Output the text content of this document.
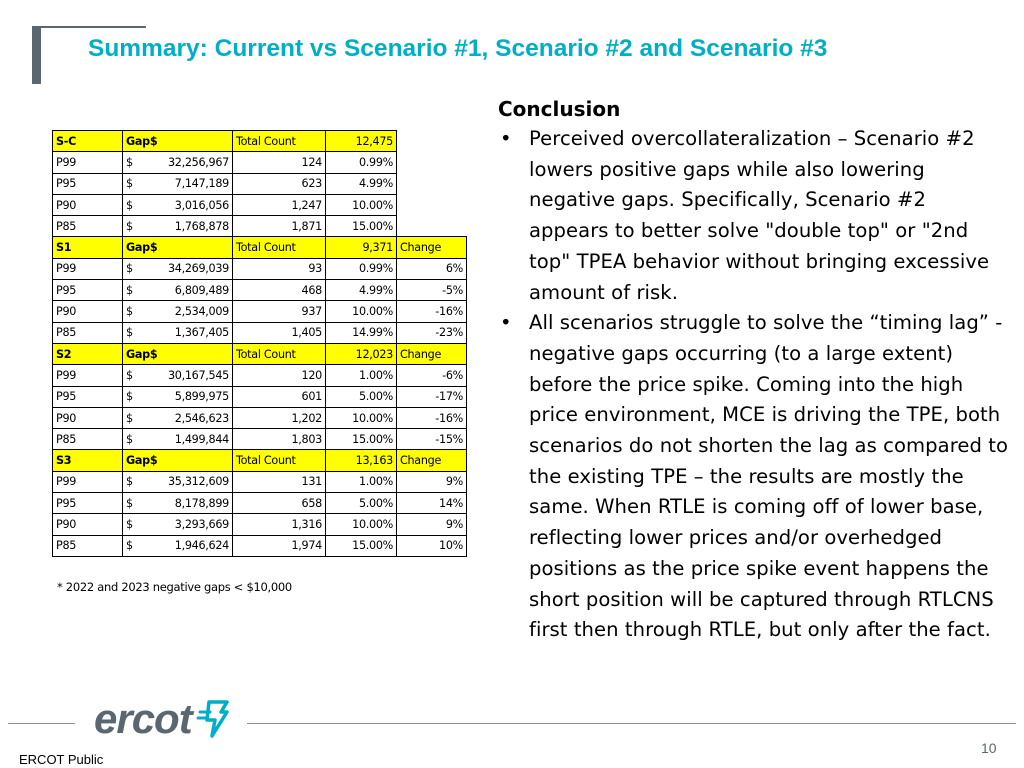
Summary: Current vs Scenario #1, Scenario #2 and Scenario #3
S-C	Gap$	Total Count	12,475	
P99	$ 32,256,967	124	0.99%	
P95	$ 7,147,189	623	4.99%	
P90	$ 3,016,056	1,247	10.00%	
P85	$ 1,768,878	1,871	15.00%	
S1	Gap$	Total Count	9,371	Change
P99	$ 34,269,039	93	0.99%	6%
P95	$ 6,809,489	468	4.99%	-5%
P90	$ 2,534,009	937	10.00%	-16%
P85	$ 1,367,405	1,405	14.99%	-23%
S2	Gap$	Total Count	12,023	Change
P99	$ 30,167,545	120	1.00%	-6%
P95	$ 5,899,975	601	5.00%	-17%
P90	$ 2,546,623	1,202	10.00%	-16%
P85	$ 1,499,844	1,803	15.00%	-15%
S3	Gap$	Total Count	13,163	Change
P99	$ 35,312,609	131	1.00%	9%
P95	$ 8,178,899	658	5.00%	14%
P90	$ 3,293,669	1,316	10.00%	9%
P85	$ 1,946,624	1,974	15.00%	10%
* 2022 and 2023 negative gaps < $10,000
Conclusion
• Perceived overcollateralization – Scenario #2 lowers positive gaps while also lowering negative gaps. Specifically, Scenario #2 appears to better solve "double top" or "2nd top" TPEA behavior without bringing excessive amount of risk.
• All scenarios struggle to solve the “timing lag” - negative gaps occurring (to a large extent) before the price spike. Coming into the high price environment, MCE is driving the TPE, both scenarios do not shorten the lag as compared to the existing TPE – the results are mostly the same. When RTLE is coming off of lower base, reflecting lower prices and/or overhedged positions as the price spike event happens the short position will be captured through RTLCNS first then through RTLE, but only after the fact.
ercot
10
ERCOT Public
